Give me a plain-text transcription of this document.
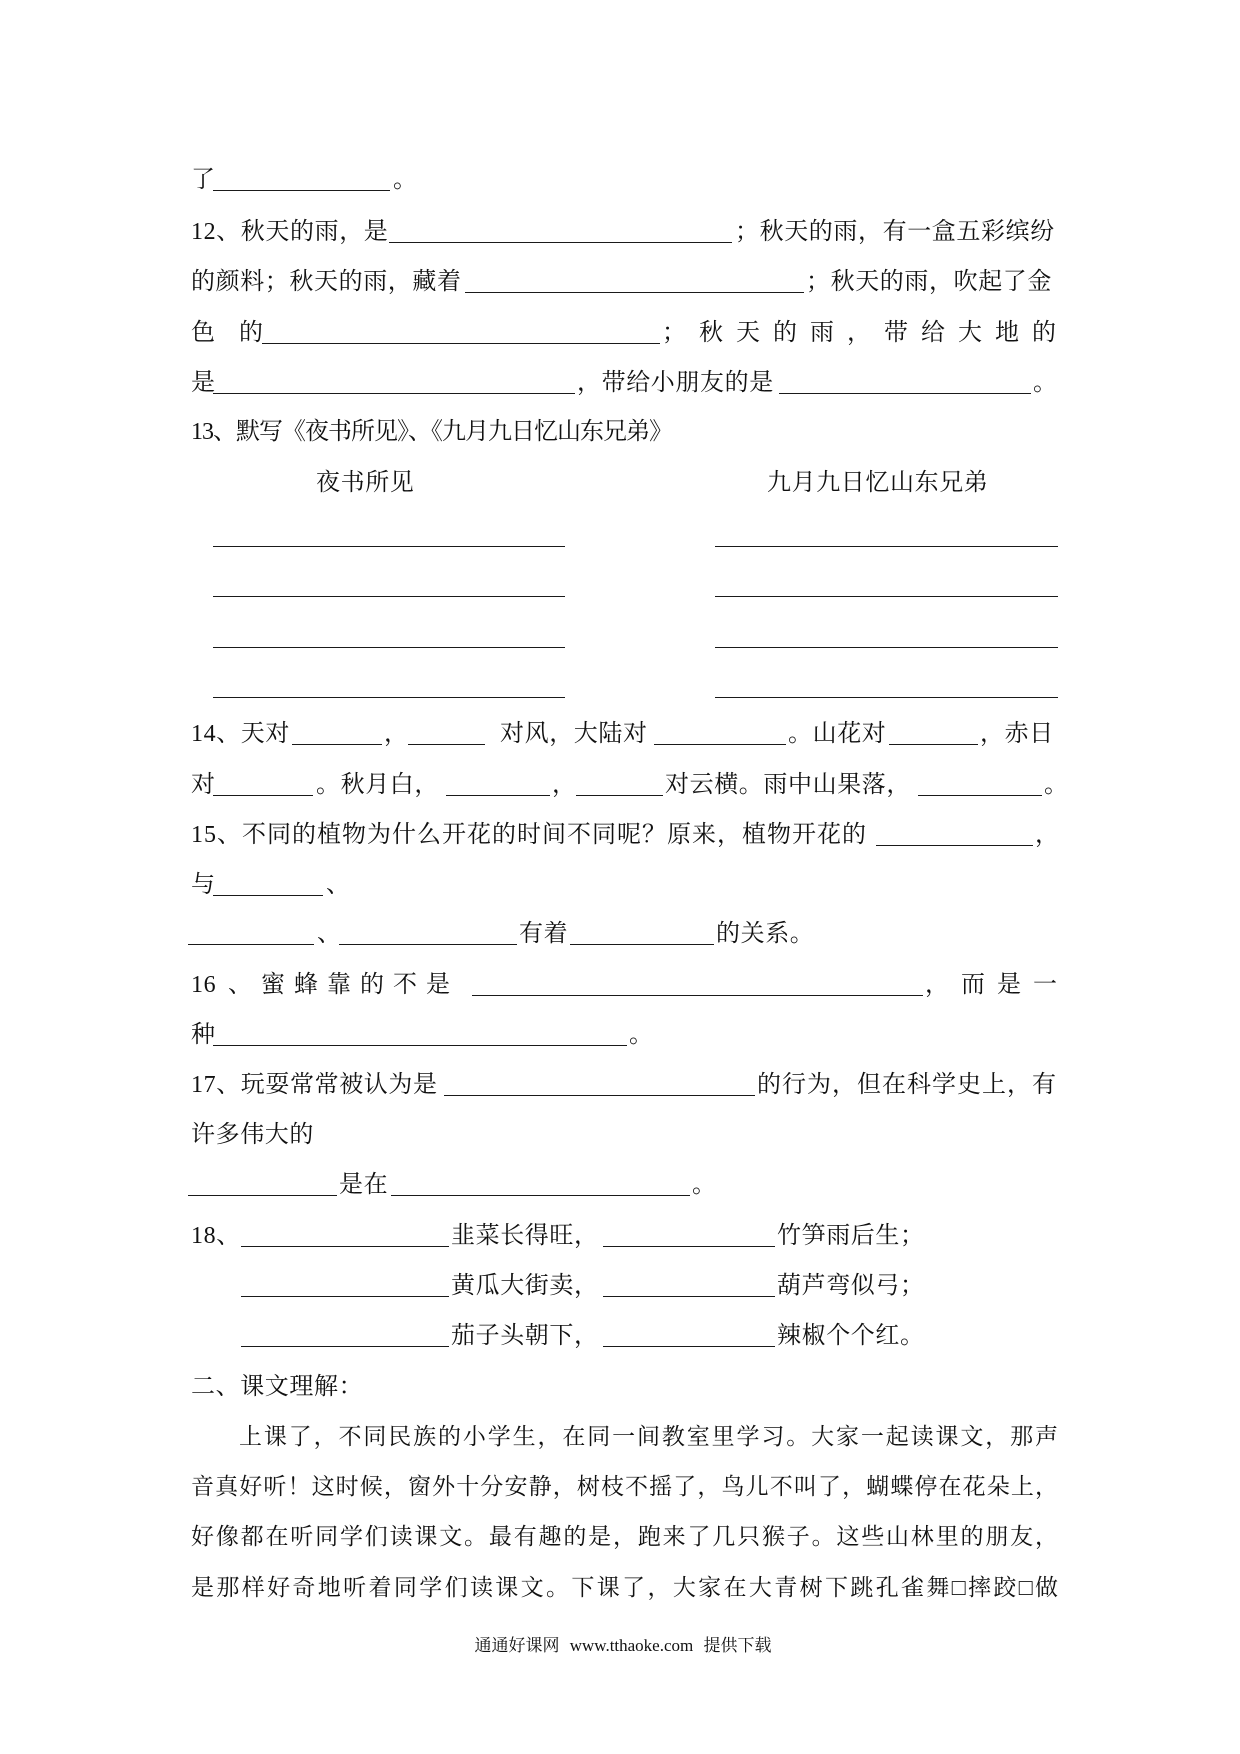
了	。
12、秋天的雨，是	；秋天的雨，有一盒五彩缤纷
的颜料；秋天的雨，藏着	；秋天的雨，吹起了金
色的	；秋天的雨，带给大地的
是	，带给小朋友的是	。
13、默写《夜书所见》、《九月九日忆山东兄弟》
夜书所见	九月九日忆山东兄弟
14、天对	，	对风，大陆对	。山花对	，赤日
对	。秋月白，	，	对云横。雨中山果落，	。
15、不同的植物为什么开花的时间不同呢？原来，植物开花的	，
与	、
、	有着	的关系。
16 、蜜蜂靠的不是	，而是一
种	。
17、玩耍常常被认为是	的行为，但在科学史上，有
许多伟大的
是在	。
18、	韭菜长得旺，	竹笋雨后生；
黄瓜大街卖，	葫芦弯似弓；
茄子头朝下，	辣椒个个红。
二、课文理解：
上课了，不同民族的小学生，在同一间教室里学习。大家一起读课文，那声
音真好听！这时候，窗外十分安静，树枝不摇了，鸟儿不叫了，蝴蝶停在花朵上，
好像都在听同学们读课文。最有趣的是，跑来了几只猴子。这些山林里的朋友，
是那样好奇地听着同学们读课文。下课了，大家在大青树下跳孔雀舞□摔跤□做
通通好课网 www.tthaoke.com 提供下载
